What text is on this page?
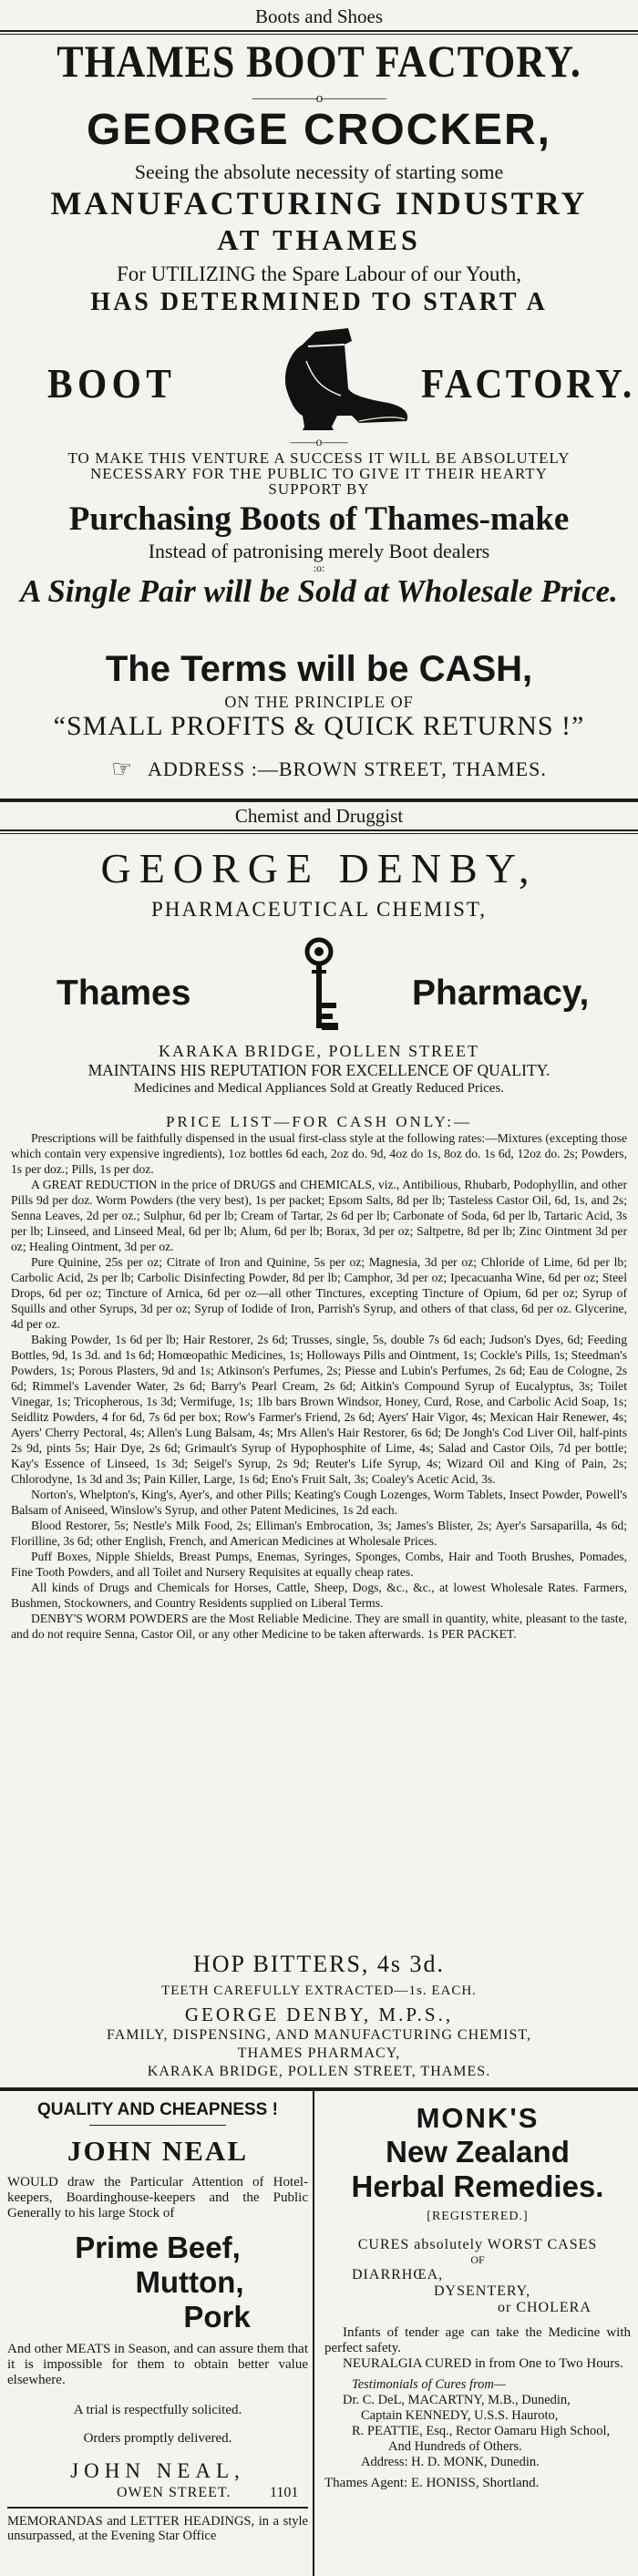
Boots and Shoes
THAMES BOOT FACTORY.
—————o—————
GEORGE CROCKER,
Seeing the absolute necessity of starting some
MANUFACTURING INDUSTRY
AT THAMES
For UTILIZING the Spare Labour of our Youth,
HAS DETERMINED TO START A
BOOT	FACTORY.
——o——
TO MAKE THIS VENTURE A SUCCESS IT WILL BE ABSOLUTELY NECESSARY FOR THE PUBLIC TO GIVE IT THEIR HEARTY SUPPORT BY
Purchasing Boots of Thames-make
Instead of patronising merely Boot dealers
:o:
A Single Pair will be Sold at Wholesale Price.
The Terms will be CASH,
ON THE PRINCIPLE OF
“SMALL PROFITS & QUICK RETURNS !”
☞ ADDRESS :—BROWN STREET, THAMES.
Chemist and Druggist
GEORGE DENBY,
PHARMACEUTICAL CHEMIST,
Thames	Pharmacy,
KARAKA BRIDGE, POLLEN STREET
MAINTAINS HIS REPUTATION FOR EXCELLENCE OF QUALITY.
Medicines and Medical Appliances Sold at Greatly Reduced Prices.
PRICE LIST—FOR CASH ONLY:—

Prescriptions will be faithfully dispensed in the usual first-class style at the following rates:—Mixtures (excepting those which contain very expensive ingredients), 1oz bottles 6d each, 2oz do. 9d, 4oz do 1s, 8oz do. 1s 6d, 12oz do. 2s; Powders, 1s per doz.; Pills, 1s per doz.

A GREAT REDUCTION in the price of DRUGS and CHEMICALS, viz., Antibilious, Rhubarb, Podophyllin, and other Pills 9d per doz. Worm Powders (the very best), 1s per packet; Epsom Salts, 8d per lb; Tasteless Castor Oil, 6d, 1s, and 2s; Senna Leaves, 2d per oz.; Sulphur, 6d per lb; Cream of Tartar, 2s 6d per lb; Carbonate of Soda, 6d per lb, Tartaric Acid, 3s per lb; Linseed, and Linseed Meal, 6d per lb; Alum, 6d per lb; Borax, 3d per oz; Saltpetre, 8d per lb; Zinc Ointment 3d per oz; Healing Ointment, 3d per oz.

Pure Quinine, 25s per oz; Citrate of Iron and Quinine, 5s per oz; Magnesia, 3d per oz; Chloride of Lime, 6d per lb; Carbolic Acid, 2s per lb; Carbolic Disinfecting Powder, 8d per lb; Camphor, 3d per oz; Ipecacuanha Wine, 6d per oz; Steel Drops, 6d per oz; Tincture of Arnica, 6d per oz—all other Tinctures, excepting Tincture of Opium, 6d per oz; Syrup of Squills and other Syrups, 3d per oz; Syrup of Iodide of Iron, Parrish's Syrup, and others of that class, 6d per oz. Glycerine, 4d per oz.

Baking Powder, 1s 6d per lb; Hair Restorer, 2s 6d; Trusses, single, 5s, double 7s 6d each; Judson's Dyes, 6d; Feeding Bottles, 9d, 1s 3d. and 1s 6d; Homœopathic Medicines, 1s; Holloways Pills and Ointment, 1s; Cockle's Pills, 1s; Steedman's Powders, 1s; Porous Plasters, 9d and 1s; Atkinson's Perfumes, 2s; Piesse and Lubin's Perfumes, 2s 6d; Eau de Cologne, 2s 6d; Rimmel's Lavender Water, 2s 6d; Barry's Pearl Cream, 2s 6d; Aitkin's Compound Syrup of Eucalyptus, 3s; Toilet Vinegar, 1s; Tricopherous, 1s 3d; Vermifuge, 1s; 1lb bars Brown Windsor, Honey, Curd, Rose, and Carbolic Acid Soap, 1s; Seidlitz Powders, 4 for 6d, 7s 6d per box; Row's Farmer's Friend, 2s 6d; Ayers' Hair Vigor, 4s; Mexican Hair Renewer, 4s; Ayers' Cherry Pectoral, 4s; Allen's Lung Balsam, 4s; Mrs Allen's Hair Restorer, 6s 6d; De Jongh's Cod Liver Oil, half-pints 2s 9d, pints 5s; Hair Dye, 2s 6d; Grimault's Syrup of Hypophosphite of Lime, 4s; Salad and Castor Oils, 7d per bottle; Kay's Essence of Linseed, 1s 3d; Seigel's Syrup, 2s 9d; Reuter's Life Syrup, 4s; Wizard Oil and King of Pain, 2s; Chlorodyne, 1s 3d and 3s; Pain Killer, Large, 1s 6d; Eno's Fruit Salt, 3s; Coaley's Acetic Acid, 3s.

Norton's, Whelpton's, King's, Ayer's, and other Pills; Keating's Cough Lozenges, Worm Tablets, Insect Powder, Powell's Balsam of Aniseed, Winslow's Syrup, and other Patent Medicines, 1s 2d each.

Blood Restorer, 5s; Nestle's Milk Food, 2s; Elliman's Embrocation, 3s; James's Blister, 2s; Ayer's Sarsaparilla, 4s 6d; Florilline, 3s 6d; other English, French, and American Medicines at Wholesale Prices.

Puff Boxes, Nipple Shields, Breast Pumps, Enemas, Syringes, Sponges, Combs, Hair and Tooth Brushes, Pomades, Fine Tooth Powders, and all Toilet and Nursery Requisites at equally cheap rates.

All kinds of Drugs and Chemicals for Horses, Cattle, Sheep, Dogs, &c., &c., at lowest Wholesale Rates. Farmers, Bushmen, Stockowners, and Country Residents supplied on Liberal Terms.

DENBY'S WORM POWDERS are the Most Reliable Medicine. They are small in quantity, white, pleasant to the taste, and do not require Senna, Castor Oil, or any other Medicine to be taken afterwards. 1s PER PACKET.

HOP BITTERS, 4s 3d.
TEETH CAREFULLY EXTRACTED—1s. EACH.
GEORGE DENBY, M.P.S.,
FAMILY, DISPENSING, AND MANUFACTURING CHEMIST,
THAMES PHARMACY,
KARAKA BRIDGE, POLLEN STREET, THAMES.
QUALITY AND CHEAPNESS !
JOHN NEAL
WOULD draw the Particular Attention of Hotel-keepers, Boardinghouse-keepers and the Public Generally to his large Stock of
Prime Beef,
Mutton,
Pork
And other MEATS in Season, and can assure them that it is impossible for them to obtain better value elsewhere.
A trial is respectfully solicited.
Orders promptly delivered.
JOHN NEAL,
OWEN STREET.	1101
MEMORANDAS and LETTER HEADINGS, in a style unsurpassed, at the Evening Star Office
MONK'S
New Zealand
Herbal Remedies.
[REGISTERED.]
CURES absolutely WORST CASES
OF
DIARRHŒA,
DYSENTERY,
or CHOLERA
Infants of tender age can take the Medicine with perfect safety.
NEURALGIA CURED in from One to Two Hours.
Testimonials of Cures from—
Dr. C. DeL, MACARTNY, M.B., Dunedin,
Captain KENNEDY, U.S.S. Hauroto,
R. PEATTIE, Esq., Rector Oamaru High School,
And Hundreds of Others.
Address: H. D. MONK, Dunedin.
Thames Agent: E. HONISS, Shortland.
